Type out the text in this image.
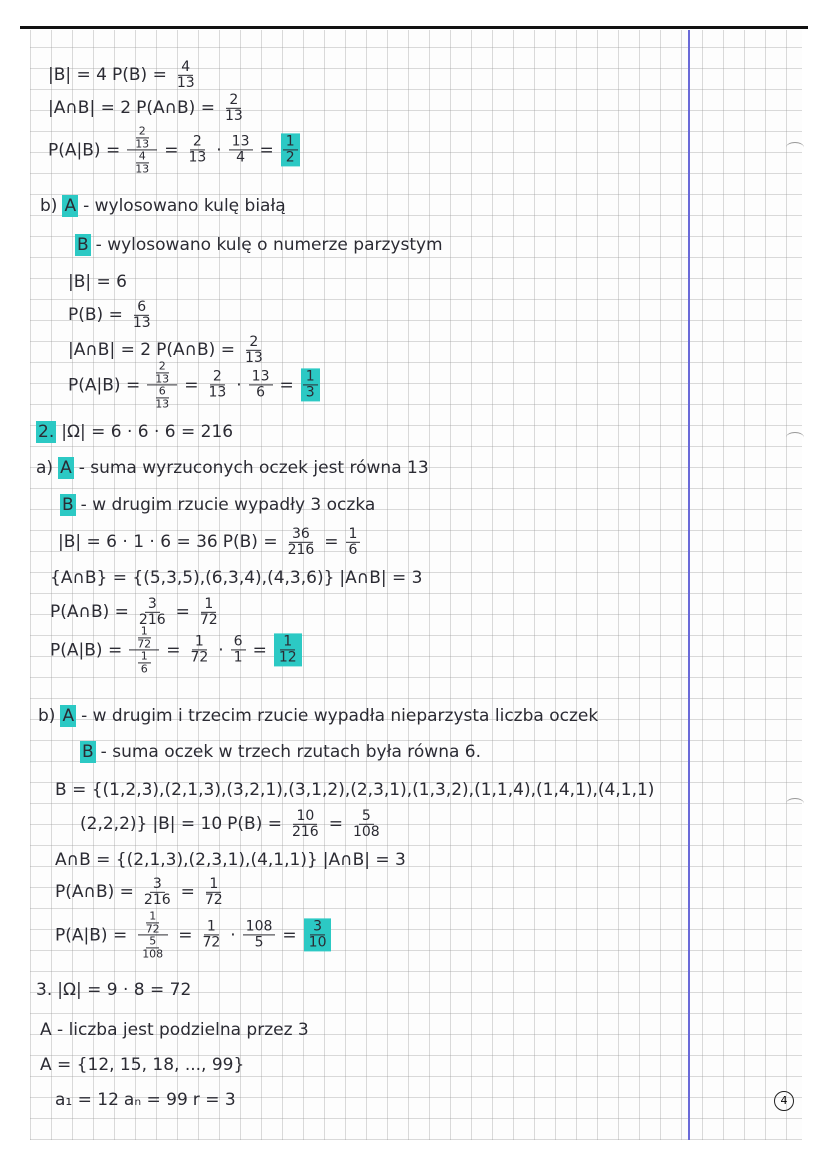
|B| = 4 $P(B) = \frac{4}{13}$
|A∩B| = 2 P(A∩B) = $\frac{2}{13}$
$P(A|B) = \frac{\frac{2}{13}}{\frac{4}{13}} = \frac{2}{13} \cdot \frac{13}{4} = \frac{1}{2}$
b) A - wylosowano kulę białą
B - wylosowano kulę o numerze parzystym
|B| = 6
$P(B) = \frac{6}{13}$
|A∩B| = 2 P(A∩B) = $\frac{2}{13}$
$P(A|B) = \frac{\frac{2}{13}}{\frac{6}{13}} = \frac{2}{13} \cdot \frac{13}{6} = \frac{1}{3}$
2. |Ω| = 6 · 6 · 6 = 216
a) A - suma wyrzuconych oczek jest równa 13
B - w drugim rzucie wypadły 3 oczka
|B| = 6 · 1 · 6 = 36 $P(B) = \frac{36}{216} = \frac{1}{6}$
{A∩B} = {(5,3,5),(6,3,4),(4,3,6)} |A∩B| = 3
P(A∩B) = $\frac{3}{216} = \frac{1}{72}$
$P(A|B) = \frac{\frac{1}{72}}{\frac{1}{6}} = \frac{1}{72} \cdot \frac{6}{1} = \frac{1}{12}$
b) A - w drugim i trzecim rzucie wypadła nieparzysta liczba oczek
B - suma oczek w trzech rzutach była równa 6.
B = {(1,2,3),(2,1,3),(3,2,1),(3,1,2),(2,3,1),(1,3,2),(1,1,4),(1,4,1),(4,1,1)
(2,2,2)} |B| = 10 $P(B) = \frac{10}{216} = \frac{5}{108}$
A∩B = {(2,1,3),(2,3,1),(4,1,1)} |A∩B| = 3
P(A∩B) = $\frac{3}{216} = \frac{1}{72}$
$P(A|B) = \frac{\frac{1}{72}}{\frac{5}{108}} = \frac{1}{72} \cdot \frac{108}{5} = \frac{3}{10}$
3. |Ω| = 9 · 8 = 72
A - liczba jest podzielna przez 3
A = {12, 15, 18, ..., 99}
a₁ = 12 aₙ = 99 r = 3	4
